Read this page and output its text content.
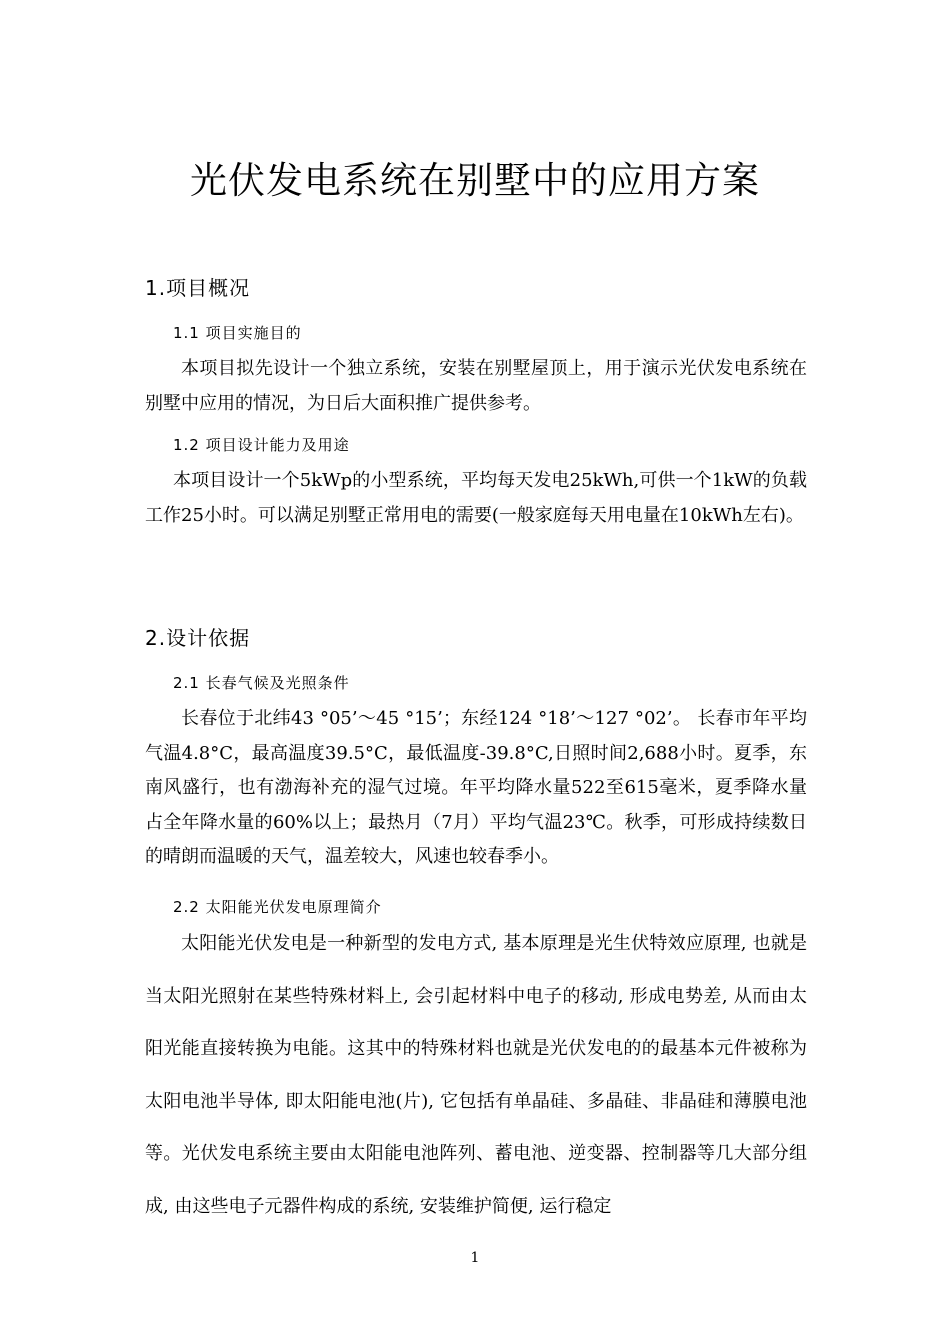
光伏发电系统在别墅中的应用方案
1.项目概况
1.1 项目实施目的

本项目拟先设计一个独立系统，安装在别墅屋顶上，用于演示光伏发电系统在别墅中应用的情况，为日后大面积推广提供参考。

1.2 项目设计能力及用途

本项目设计一个5kWp的小型系统，平均每天发电25kWh,可供一个1kW的负载工作25小时。可以满足别墅正常用电的需要(一般家庭每天用电量在10kWh左右)。

2.设计依据
2.1 长春气候及光照条件

长春位于北纬43 °05’～45 °15’；东经124 °18’～127 °02’。 长春市年平均气温4.8°C，最高温度39.5°C，最低温度-39.8°C,日照时间2,688小时。夏季，东南风盛行，也有渤海补充的湿气过境。年平均降水量522至615毫米，夏季降水量占全年降水量的60%以上；最热月（7月）平均气温23℃。秋季，可形成持续数日的晴朗而温暖的天气，温差较大，风速也较春季小。

2.2 太阳能光伏发电原理简介

太阳能光伏发电是一种新型的发电方式, 基本原理是光生伏特效应原理, 也就是当太阳光照射在某些特殊材料上, 会引起材料中电子的移动, 形成电势差, 从而由太阳光能直接转换为电能。这其中的特殊材料也就是光伏发电的的最基本元件被称为太阳电池半导体, 即太阳能电池(片), 它包括有单晶硅、多晶硅、非晶硅和薄膜电池等。光伏发电系统主要由太阳能电池阵列、蓄电池、逆变器、控制器等几大部分组成, 由这些电子元器件构成的系统, 安装维护简便, 运行稳定

1
